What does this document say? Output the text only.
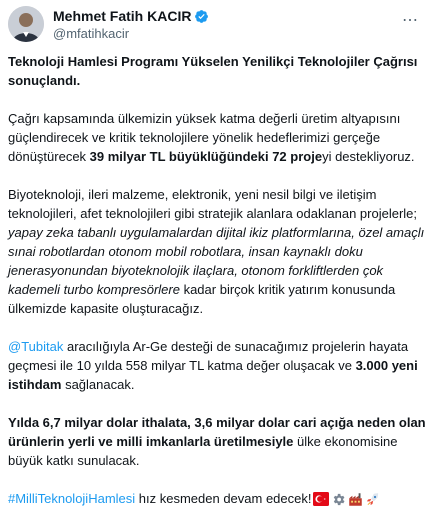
Mehmet Fatih KACIR
@mfatihkacir
⋯

Teknoloji Hamlesi Programı Yükselen Yenilikçi Teknolojiler Çağrısı

sonuçlandı.

Çağrı kapsamında ülkemizin yüksek katma değerli üretim altyapısını

güçlendirecek ve kritik teknolojilere yönelik hedeflerimizi gerçeğe

dönüştürecek 39 milyar TL büyüklüğündeki 72 projeyi destekliyoruz.

Biyoteknoloji, ileri malzeme, elektronik, yeni nesil bilgi ve iletişim

teknolojileri, afet teknolojileri gibi stratejik alanlara odaklanan projelerle;

yapay zeka tabanlı uygulamalardan dijital ikiz platformlarına, özel amaçlı

sınai robotlardan otonom mobil robotlara, insan kaynaklı doku

jenerasyonundan biyoteknolojik ilaçlara, otonom forkliftlerden çok

kademeli turbo kompresörlere kadar birçok kritik yatırım konusunda

ülkemizde kapasite oluşturacağız.

@Tubitak aracılığıyla Ar-Ge desteği de sunacağımız projelerin hayata

geçmesi ile 10 yılda 558 milyar TL katma değer oluşacak ve 3.000 yeni

istihdam sağlanacak.

Yılda 6,7 milyar dolar ithalata, 3,6 milyar dolar cari açığa neden olan

ürünlerin yerli ve milli imkanlarla üretilmesiyle ülke ekonomisine

büyük katkı sunulacak.

#MilliTeknolojiHamlesi hız kesmeden devam edecek!
